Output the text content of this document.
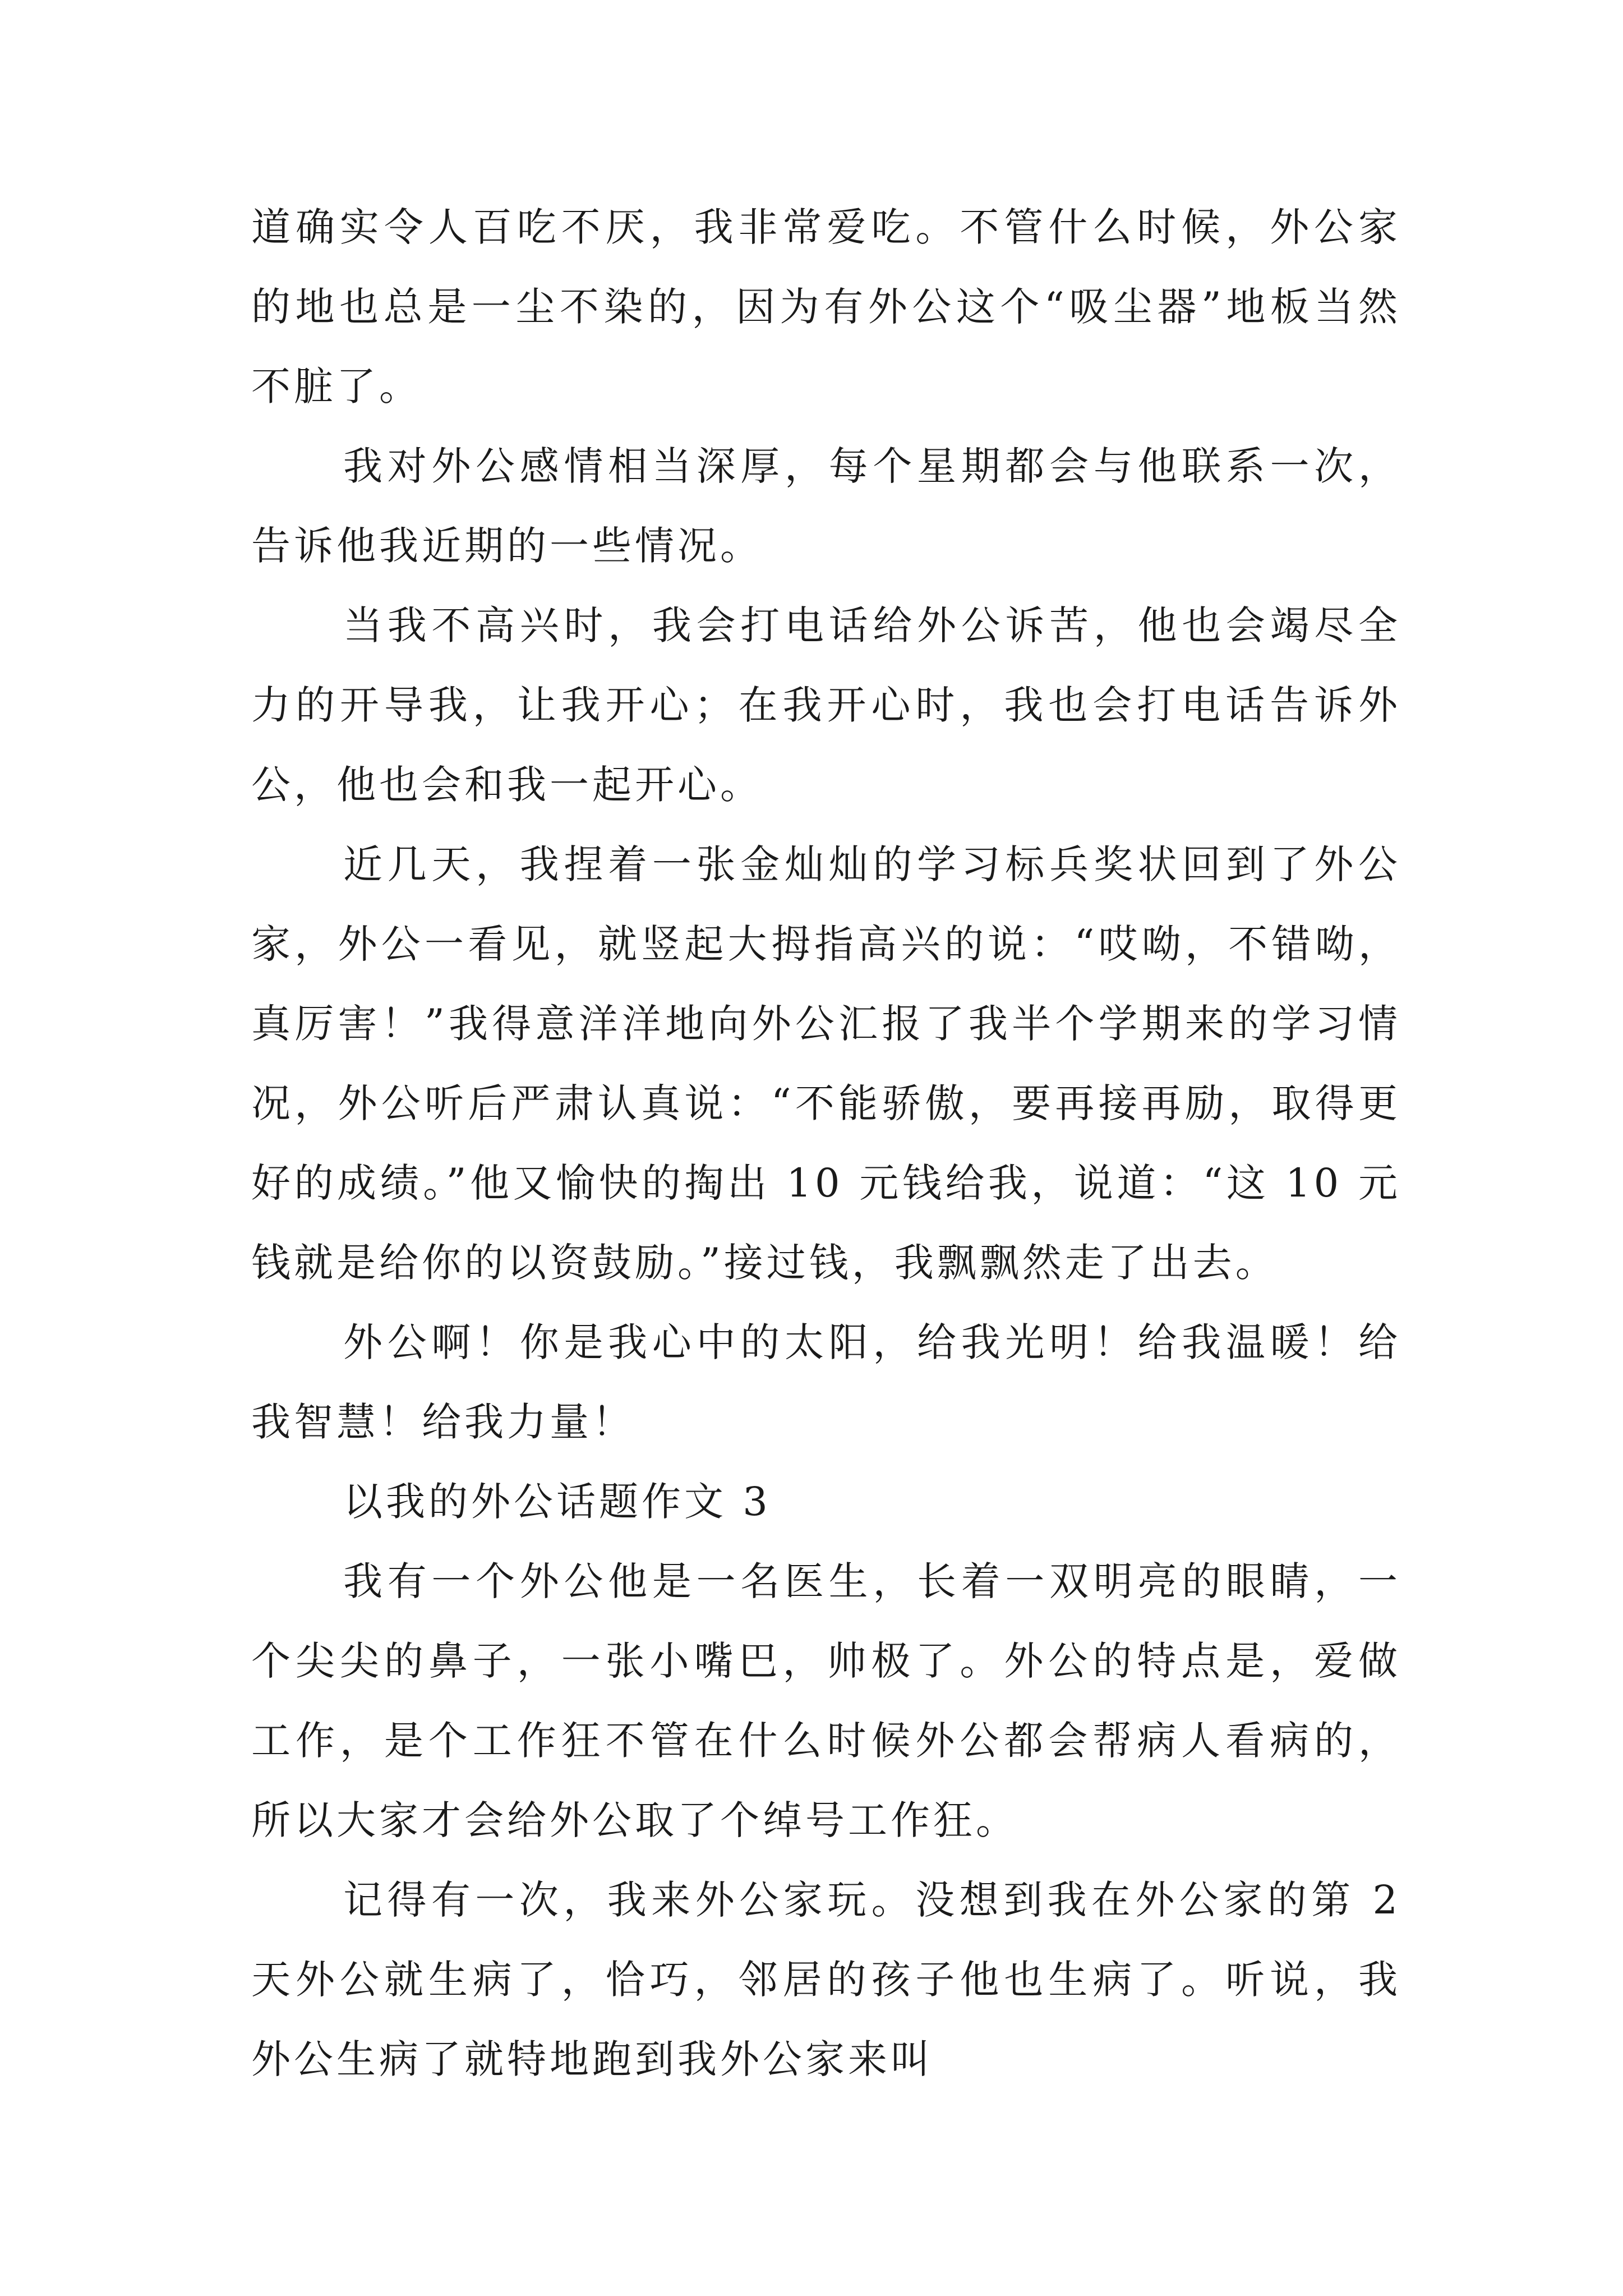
道确实令人百吃不厌，我非常爱吃。不管什么时候，外公家的地也总是一尘不染的，因为有外公这个“吸尘器”地板当然不脏了。

我对外公感情相当深厚，每个星期都会与他联系一次，告诉他我近期的一些情况。

当我不高兴时，我会打电话给外公诉苦，他也会竭尽全力的开导我，让我开心；在我开心时，我也会打电话告诉外公，他也会和我一起开心。

近几天，我捏着一张金灿灿的学习标兵奖状回到了外公家，外公一看见，就竖起大拇指高兴的说：“哎呦，不错呦，真厉害！”我得意洋洋地向外公汇报了我半个学期来的学习情况，外公听后严肃认真说：“不能骄傲，要再接再励，取得更好的成绩。”他又愉快的掏出 10 元钱给我，说道：“这 10 元钱就是给你的以资鼓励。”接过钱，我飘飘然走了出去。

外公啊！你是我心中的太阳，给我光明！给我温暖！给我智慧！给我力量！

以我的外公话题作文 3

我有一个外公他是一名医生，长着一双明亮的眼睛，一个尖尖的鼻子，一张小嘴巴，帅极了。外公的特点是，爱做工作，是个工作狂不管在什么时候外公都会帮病人看病的，所以大家才会给外公取了个绰号工作狂。

记得有一次，我来外公家玩。没想到我在外公家的第 2 天外公就生病了，恰巧，邻居的孩子他也生病了。听说，我外公生病了就特地跑到我外公家来叫
